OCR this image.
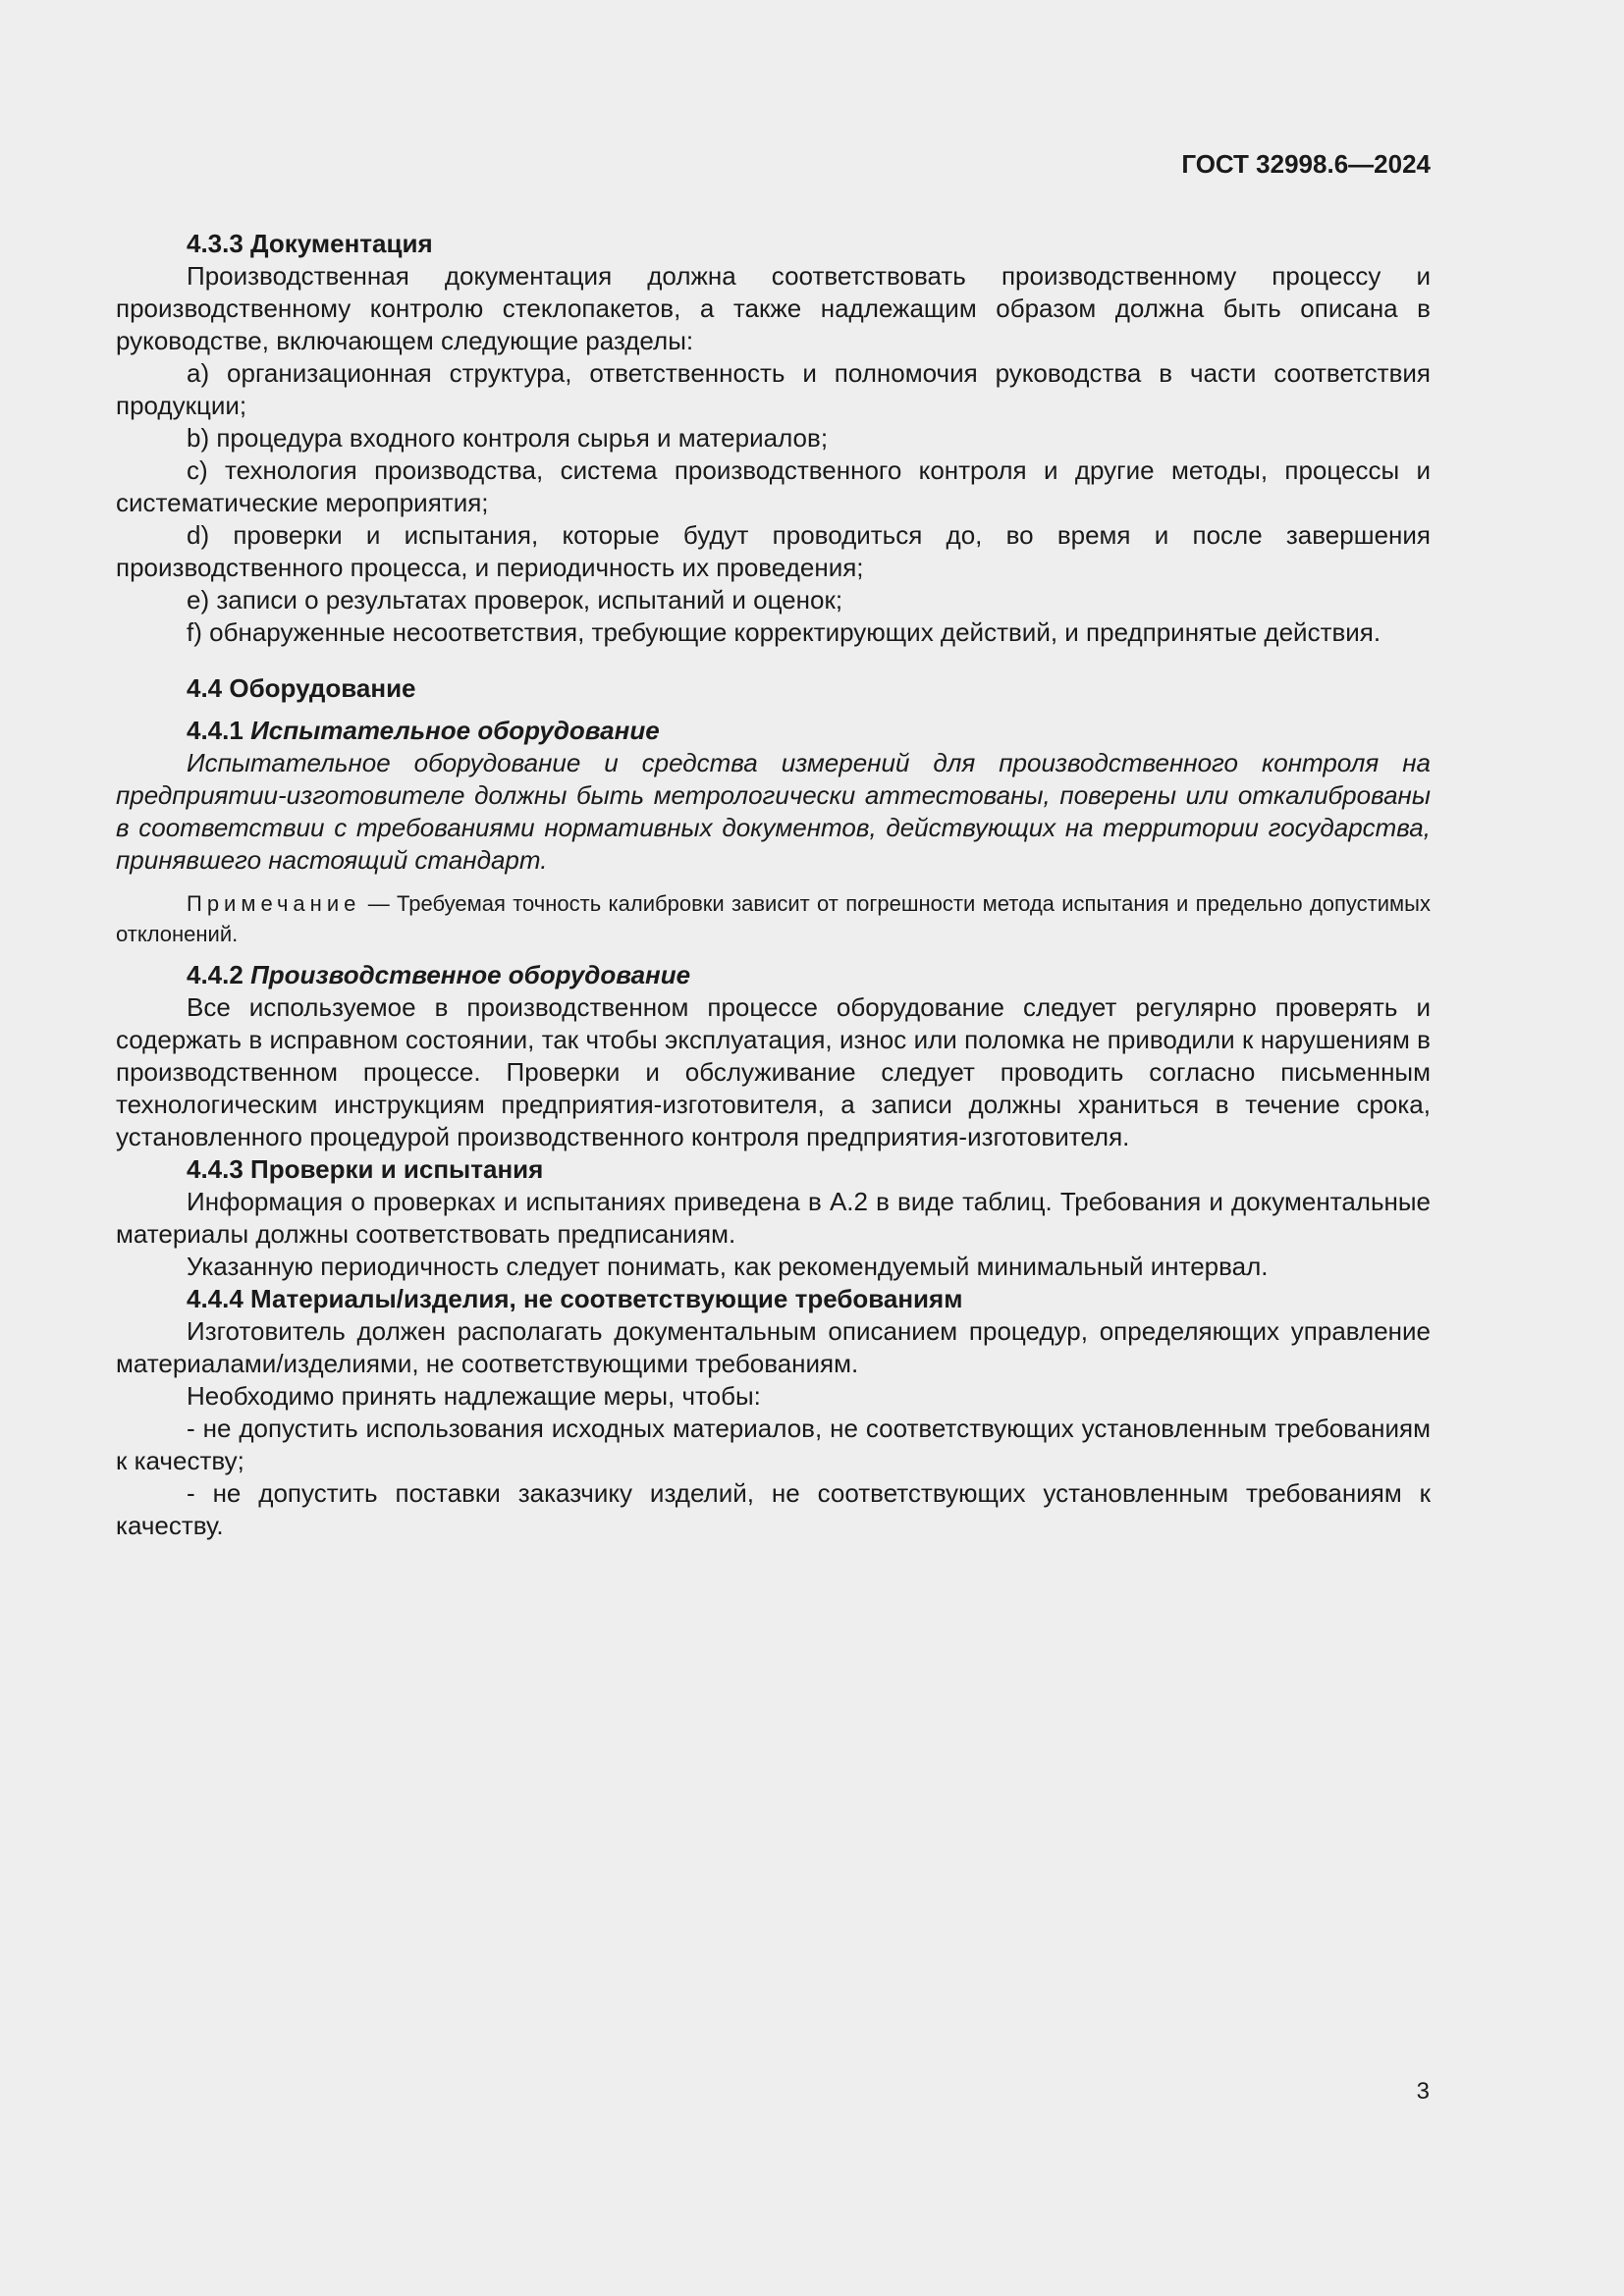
ГОСТ 32998.6—2024

4.3.3 Документация

Производственная документация должна соответствовать производственному процессу и производственному контролю стеклопакетов, а также надлежащим образом должна быть описана в руководстве, включающем следующие разделы:

a) организационная структура, ответственность и полномочия руководства в части соответствия продукции;

b) процедура входного контроля сырья и материалов;

c) технология производства, система производственного контроля и другие методы, процессы и систематические мероприятия;

d) проверки и испытания, которые будут проводиться до, во время и после завершения производственного процесса, и периодичность их проведения;

e) записи о результатах проверок, испытаний и оценок;

f) обнаруженные несоответствия, требующие корректирующих действий, и предпринятые действия.

4.4 Оборудование

4.4.1 Испытательное оборудование

Испытательное оборудование и средства измерений для производственного контроля на предприятии-изготовителе должны быть метрологически аттестованы, поверены или откалиброваны в соответствии с требованиями нормативных документов, действующих на территории государства, принявшего настоящий стандарт.

Примечание — Требуемая точность калибровки зависит от погрешности метода испытания и предельно допустимых отклонений.

4.4.2 Производственное оборудование

Все используемое в производственном процессе оборудование следует регулярно проверять и содержать в исправном состоянии, так чтобы эксплуатация, износ или поломка не приводили к нарушениям в производственном процессе. Проверки и обслуживание следует проводить согласно письменным технологическим инструкциям предприятия-изготовителя, а записи должны храниться в течение срока, установленного процедурой производственного контроля предприятия-изготовителя.

4.4.3 Проверки и испытания

Информация о проверках и испытаниях приведена в А.2 в виде таблиц. Требования и документальные материалы должны соответствовать предписаниям.

Указанную периодичность следует понимать, как рекомендуемый минимальный интервал.

4.4.4 Материалы/изделия, не соответствующие требованиям

Изготовитель должен располагать документальным описанием процедур, определяющих управление материалами/изделиями, не соответствующими требованиям.

Необходимо принять надлежащие меры, чтобы:

- не допустить использования исходных материалов, не соответствующих установленным требованиям к качеству;

- не допустить поставки заказчику изделий, не соответствующих установленным требованиям к качеству.

3
